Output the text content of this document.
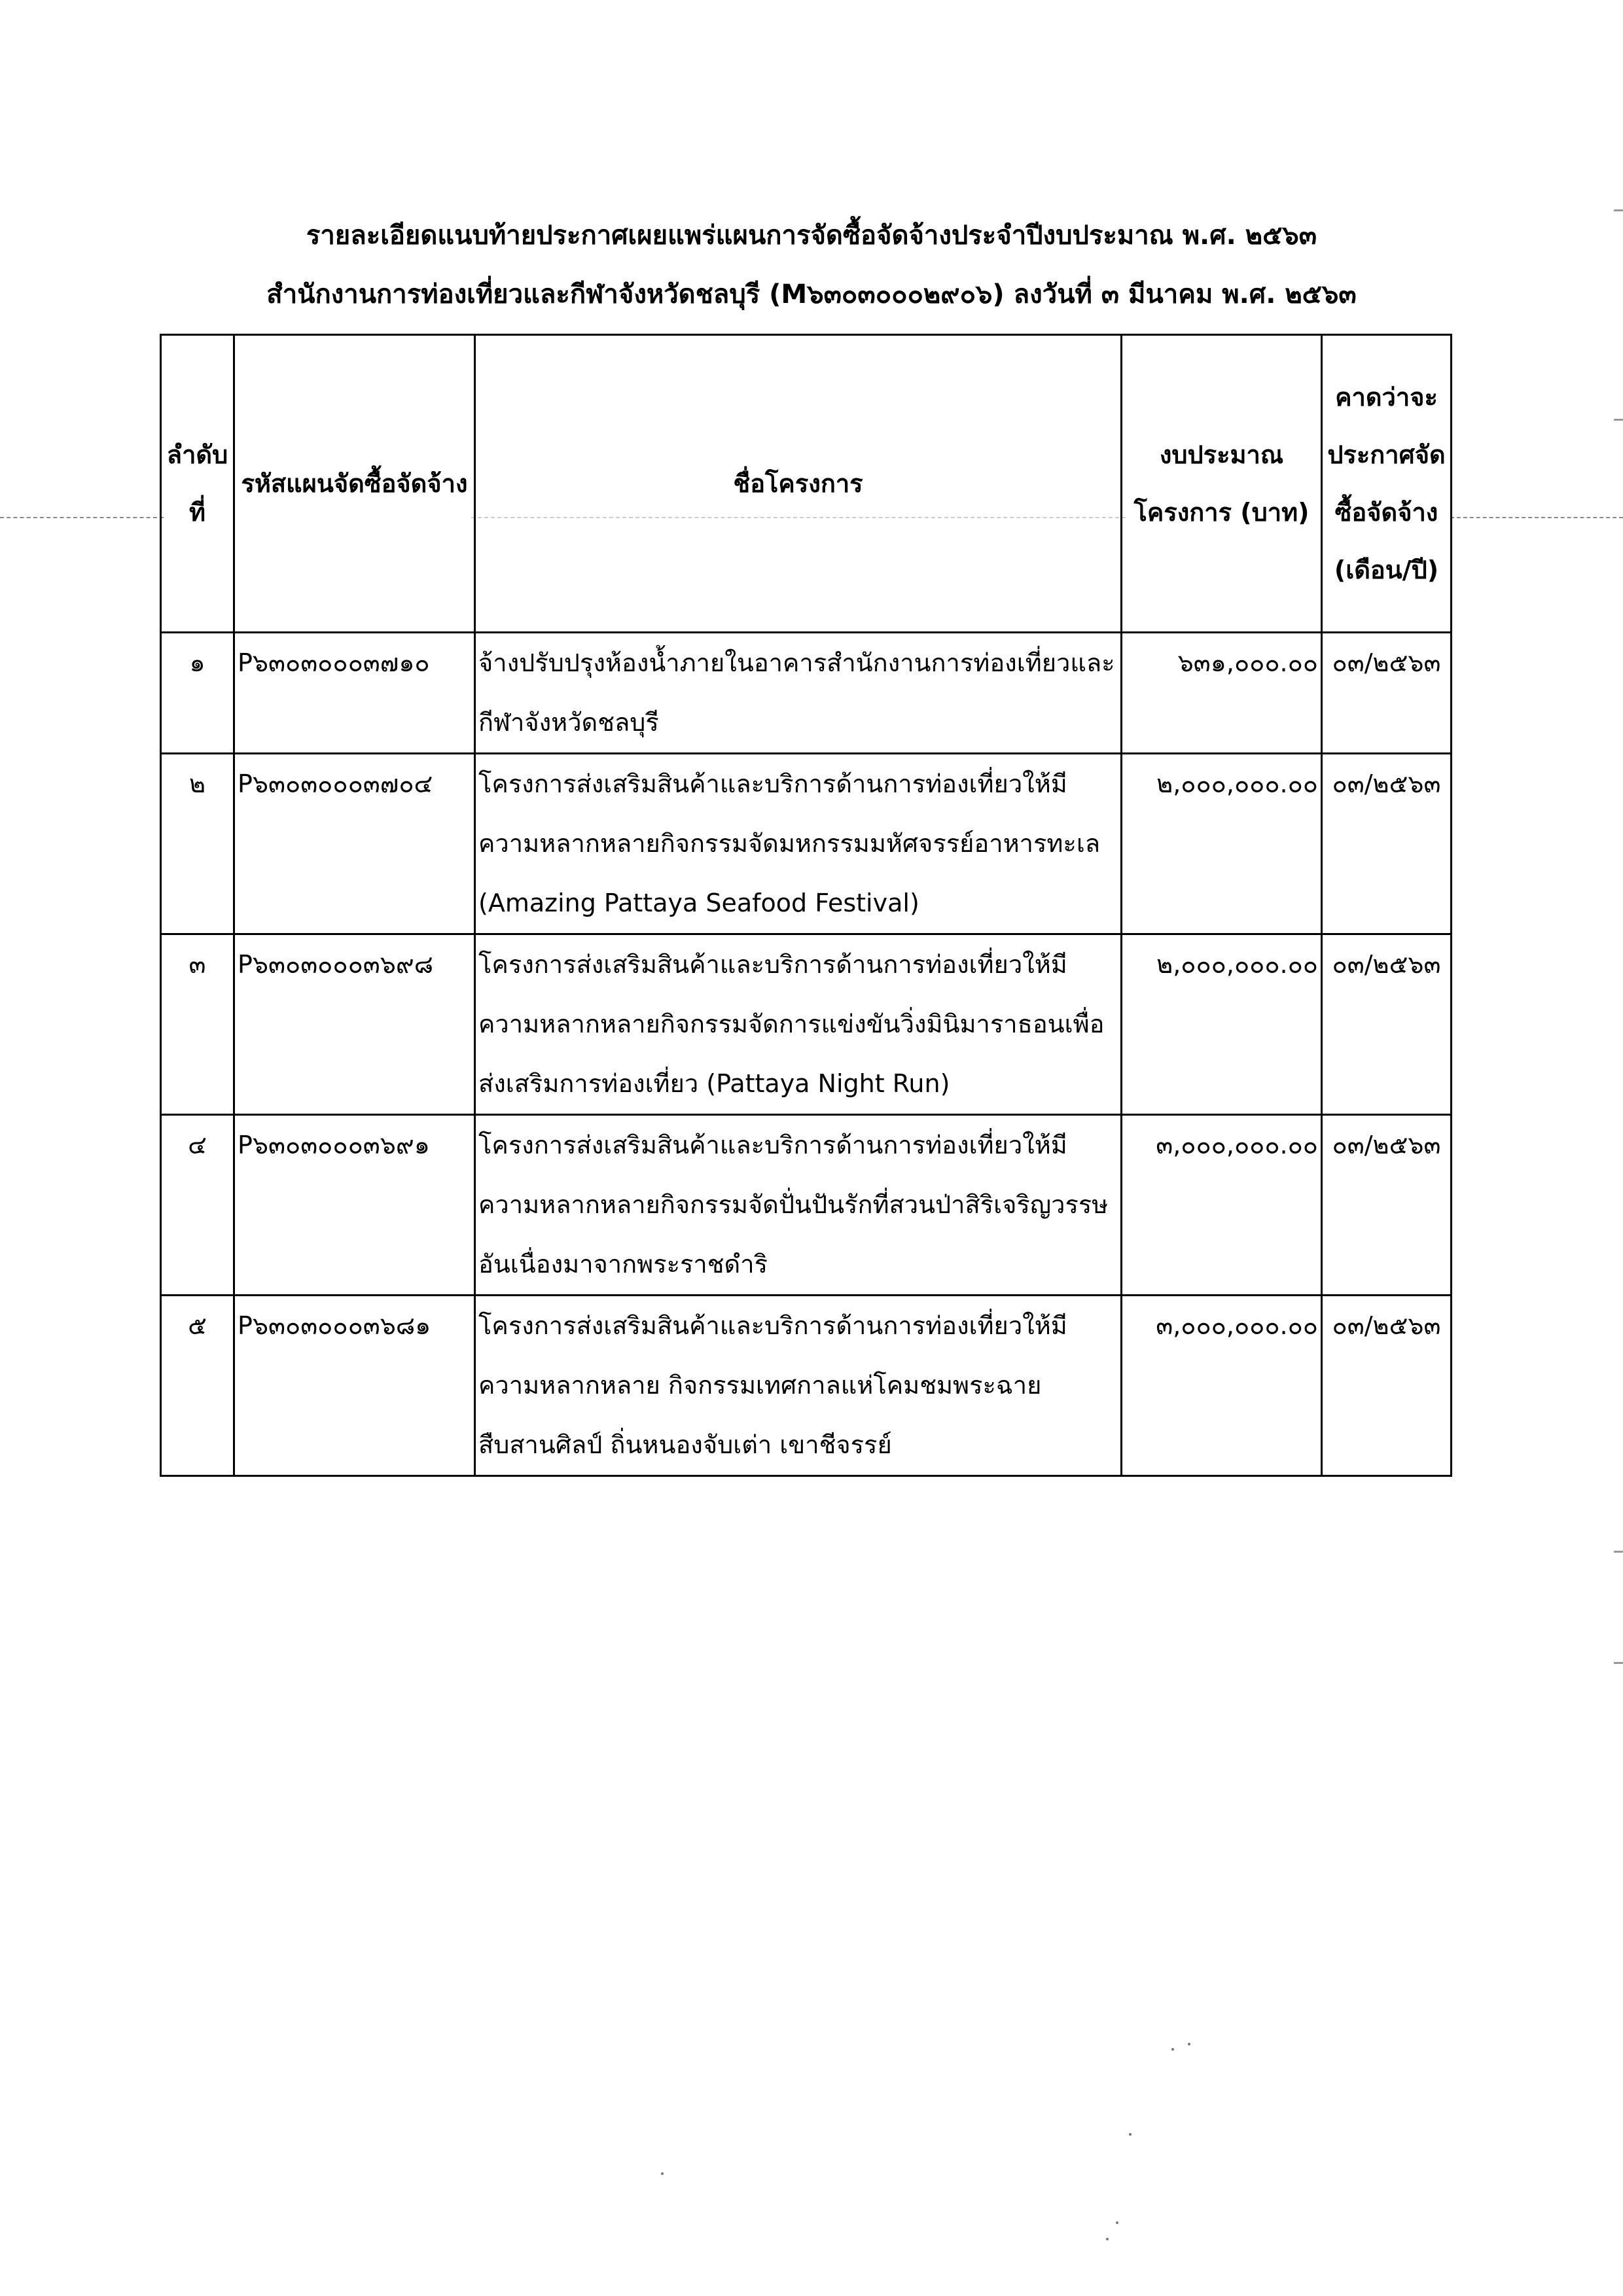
รายละเอียดแนบท้ายประกาศเผยแพร่แผนการจัดซื้อจัดจ้างประจำปีงบประมาณ พ.ศ. ๒๕๖๓
สำนักงานการท่องเที่ยวและกีฬาจังหวัดชลบุรี (M๖๓๐๓๐๐๐๒๙๐๖) ลงวันที่ ๓ มีนาคม พ.ศ. ๒๕๖๓
ลำดับที่	รหัสแผนจัดซื้อจัดจ้าง	ชื่อโครงการ	งบประมาณโครงการ (บาท)	คาดว่าจะประกาศจัดซื้อจัดจ้าง (เดือน/ปี)
๑	P๖๓๐๓๐๐๐๓๗๑๐	จ้างปรับปรุงห้องน้ำภายในอาคารสำนักงานการท่องเที่ยวและกีฬาจังหวัดชลบุรี	๖๓๑,๐๐๐.๐๐	๐๓/๒๕๖๓
๒	P๖๓๐๓๐๐๐๓๗๐๔	โครงการส่งเสริมสินค้าและบริการด้านการท่องเที่ยวให้มีความหลากหลายกิจกรรมจัดมหกรรมมหัศจรรย์อาหารทะเล (Amazing Pattaya Seafood Festival)	๒,๐๐๐,๐๐๐.๐๐	๐๓/๒๕๖๓
๓	P๖๓๐๓๐๐๐๓๖๙๘	โครงการส่งเสริมสินค้าและบริการด้านการท่องเที่ยวให้มีความหลากหลายกิจกรรมจัดการแข่งขันวิ่งมินิมาราธอนเพื่อส่งเสริมการท่องเที่ยว (Pattaya Night Run)	๒,๐๐๐,๐๐๐.๐๐	๐๓/๒๕๖๓
๔	P๖๓๐๓๐๐๐๓๖๙๑	โครงการส่งเสริมสินค้าและบริการด้านการท่องเที่ยวให้มีความหลากหลายกิจกรรมจัดปั่นปันรักที่สวนป่าสิริเจริญวรรษอันเนื่องมาจากพระราชดำริ	๓,๐๐๐,๐๐๐.๐๐	๐๓/๒๕๖๓
๕	P๖๓๐๓๐๐๐๓๖๘๑	โครงการส่งเสริมสินค้าและบริการด้านการท่องเที่ยวให้มีความหลากหลาย กิจกรรมเทศกาลแห่โคมชมพระฉายสืบสานศิลป์ ถิ่นหนองจับเต่า เขาชีจรรย์	๓,๐๐๐,๐๐๐.๐๐	๐๓/๒๕๖๓
